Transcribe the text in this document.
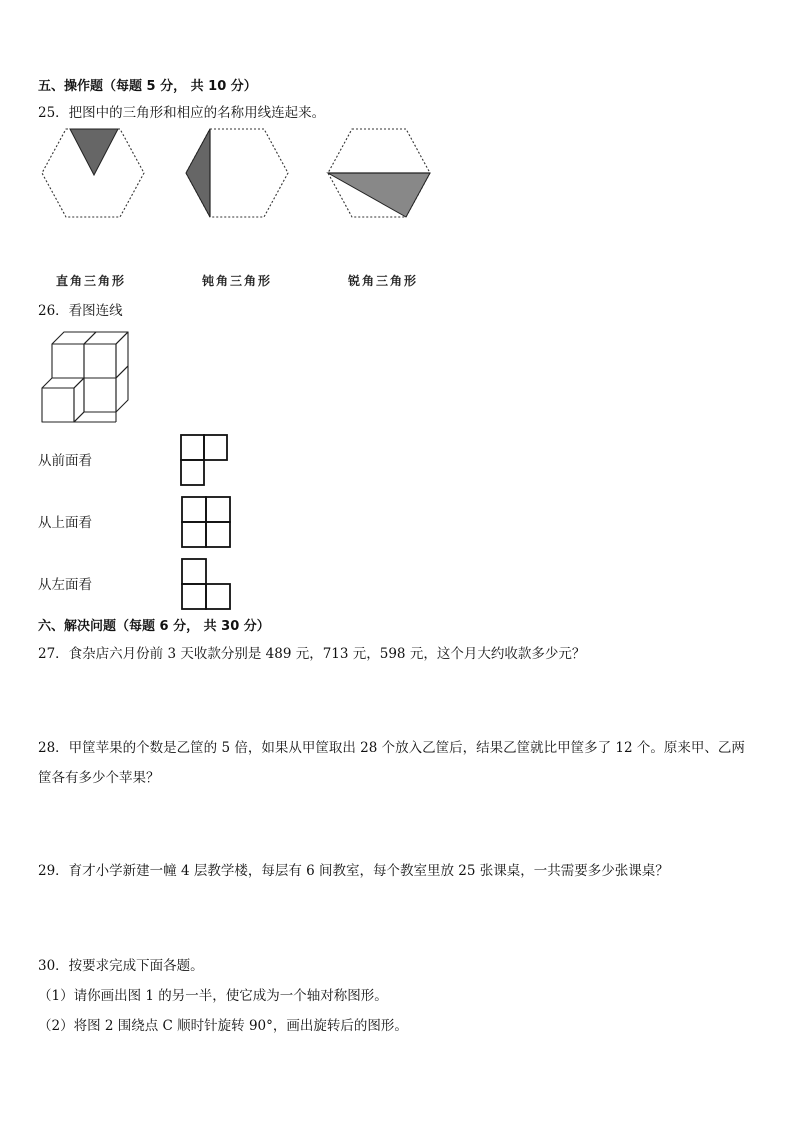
五、操作题（每题 5 分， 共 10 分）
25．把图中的三角形和相应的名称用线连起来。
直角三角形	钝角三角形	锐角三角形
26．看图连线
从前面看
从上面看
从左面看
六、解决问题（每题 6 分， 共 30 分）
27．食杂店六月份前 3 天收款分别是 489 元，713 元，598 元，这个月大约收款多少元？
28．甲筐苹果的个数是乙筐的 5 倍，如果从甲筐取出 28 个放入乙筐后，结果乙筐就比甲筐多了 12 个。原来甲、乙两
筐各有多少个苹果？
29．育才小学新建一幢 4 层教学楼，每层有 6 间教室，每个教室里放 25 张课桌，一共需要多少张课桌？
30．按要求完成下面各题。
（1）请你画出图 1 的另一半，使它成为一个轴对称图形。
（2）将图 2 围绕点 C 顺时针旋转 90°，画出旋转后的图形。
